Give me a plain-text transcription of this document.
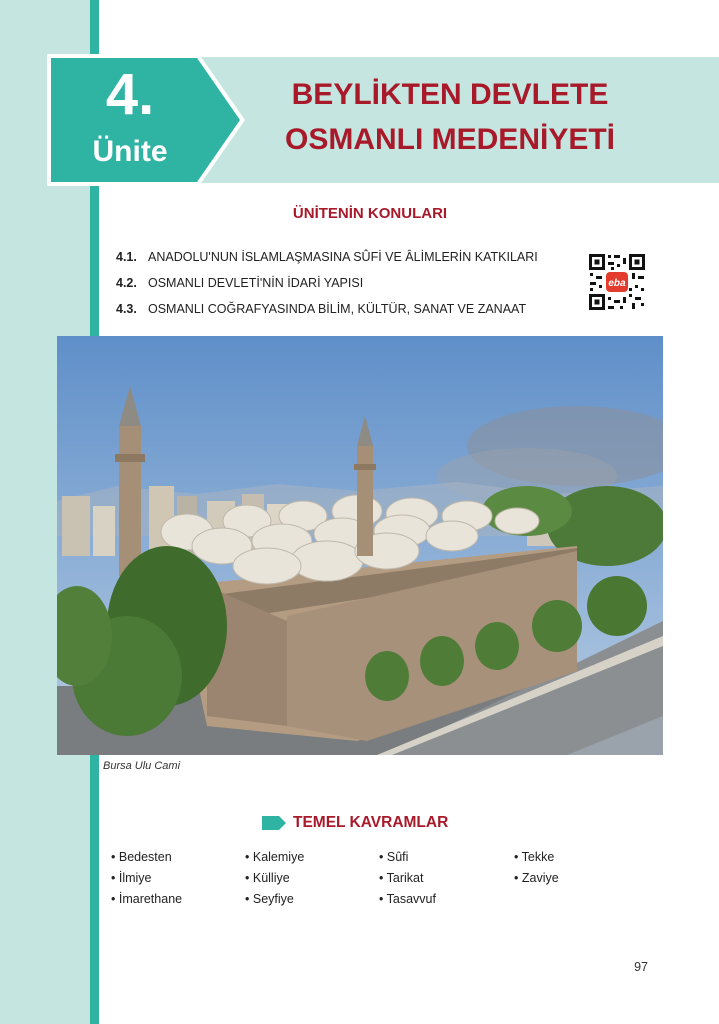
4.
Ünite
BEYLİKTEN DEVLETE
OSMANLI MEDENİYETİ
ÜNİTENİN KONULARI
4.1. ANADOLU'NUN İSLAMLAŞMASINA SÛFİ VE ÂLİMLERİN KATKILARI
4.2. OSMANLI DEVLETİ'NİN İDARİ YAPISI
4.3. OSMANLI COĞRAFYASINDA BİLİM, KÜLTÜR, SANAT VE ZANAAT
eba
Bursa Ulu Cami
TEMEL KAVRAMLAR
• Bedesten
• İlmiye
• İmarethane
• Kalemiye
• Külliye
• Seyfiye
• Sûfi
• Tarikat
• Tasavvuf
• Tekke
• Zaviye
97
